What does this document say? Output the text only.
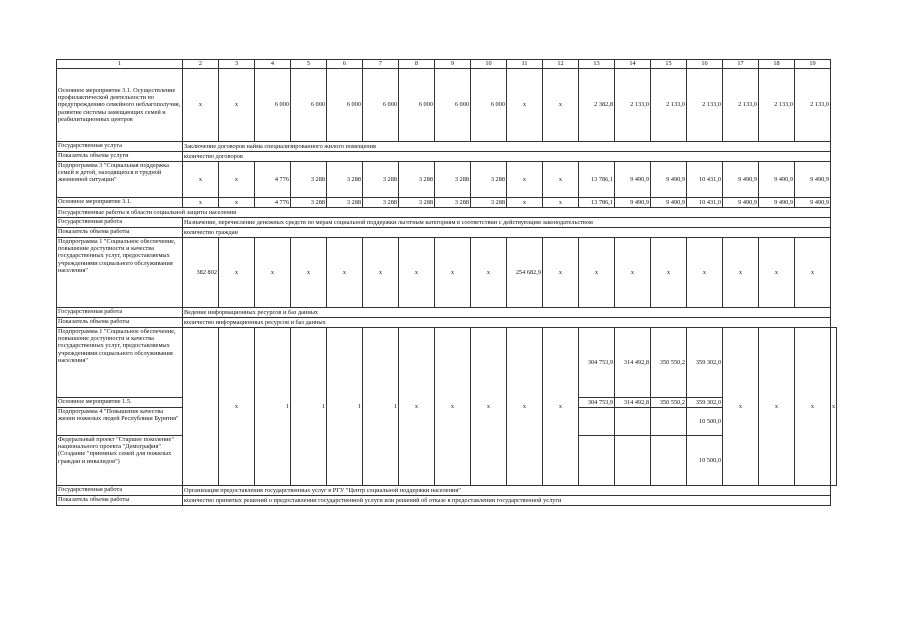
1	2	3	4	5	6	7	8	9	10	11	12	13	14	15	16	17	18	19	
Основное мероприятие 3.1. Осуществление профилактической деятельности по предупреждению семейного неблагополучия, развитие системы замещающих семей и реабилитационных центров	х	х	6 000	6 000	6 000	6 000	6 000	6 000	6 000	х	х	2 382,8	2 133,0	2 133,0	2 133,0	2 133,0	2 133,0	2 133,0	
Государственная услуга	Заключение договоров найма специализированного жилого помещения																		
Показатель объема услуги	количество договоров																		
Подпрограмма 3 "Социальная поддержка семей и детей, находящихся в трудной жизненной ситуации"	х	х	4 776	3 288	3 288	3 288	3 288	3 288	3 288	х	х	13 786,1	9 490,9	9 490,9	10 431,0	9 490,9	9 490,9	9 490,9	

Основное мероприятие 3.1.	х	х	4 776	3 288	3 288	3 288	3 288	3 288	3 288	х	х	13 786,1	9 490,9	9 490,9	10 431,0	9 490,9	9 490,9	9 490,9	
Государственные работы в области социальной защиты населения																			
Государственная работа	Назначение, перечисление денежных средств по мерам социальной поддержки льготным категориям в соответствии с действующим законодательством																		
Показатель объема работы	количество граждан																		
Подпрограмма 1 "Социальное обеспечение, повышение доступности и качества государственных услуг, предоставляемых учреждениями социального обслуживания населения"	382 802	х	х	х	х	х	х	х	х	254 682,9	х	х	х	х	х	х	х	х	
Государственная работа	Ведение информационных ресурсов и баз данных																		
Показатель объема работы	количество информационных ресурсов и баз данных																		
Подпрограмма 1 "Социальное обеспечение, повышение доступности и качества государственных услуг, предоставляемых учреждениями социального обслуживания населения"		х	1	1	1	1	х	х	х	х	х	304 753,9	314 492,8	350 550,2	359 302,0	х	х	х	х

Основное мероприятие 1.5.												304 753,9	314 492,8	350 550,2	359 302,0				
Подпрограмма 4 "Повышение качества жизни пожилых людей Республики Бурятия"															10 500,0				
Федеральный проект "Старшее поколение" национального проекта "Демография" (Создание "приемных семей для пожилых граждан и инвалидов")															10 500,0				
Государственная работа	Организация предоставления государственных услуг в РГУ "Центр социальной поддержки населения"																		
Показатель объема работы	количество принятых решений о предоставлении государственной услуги или решений об отказе в предоставлении государственной услуги																		
